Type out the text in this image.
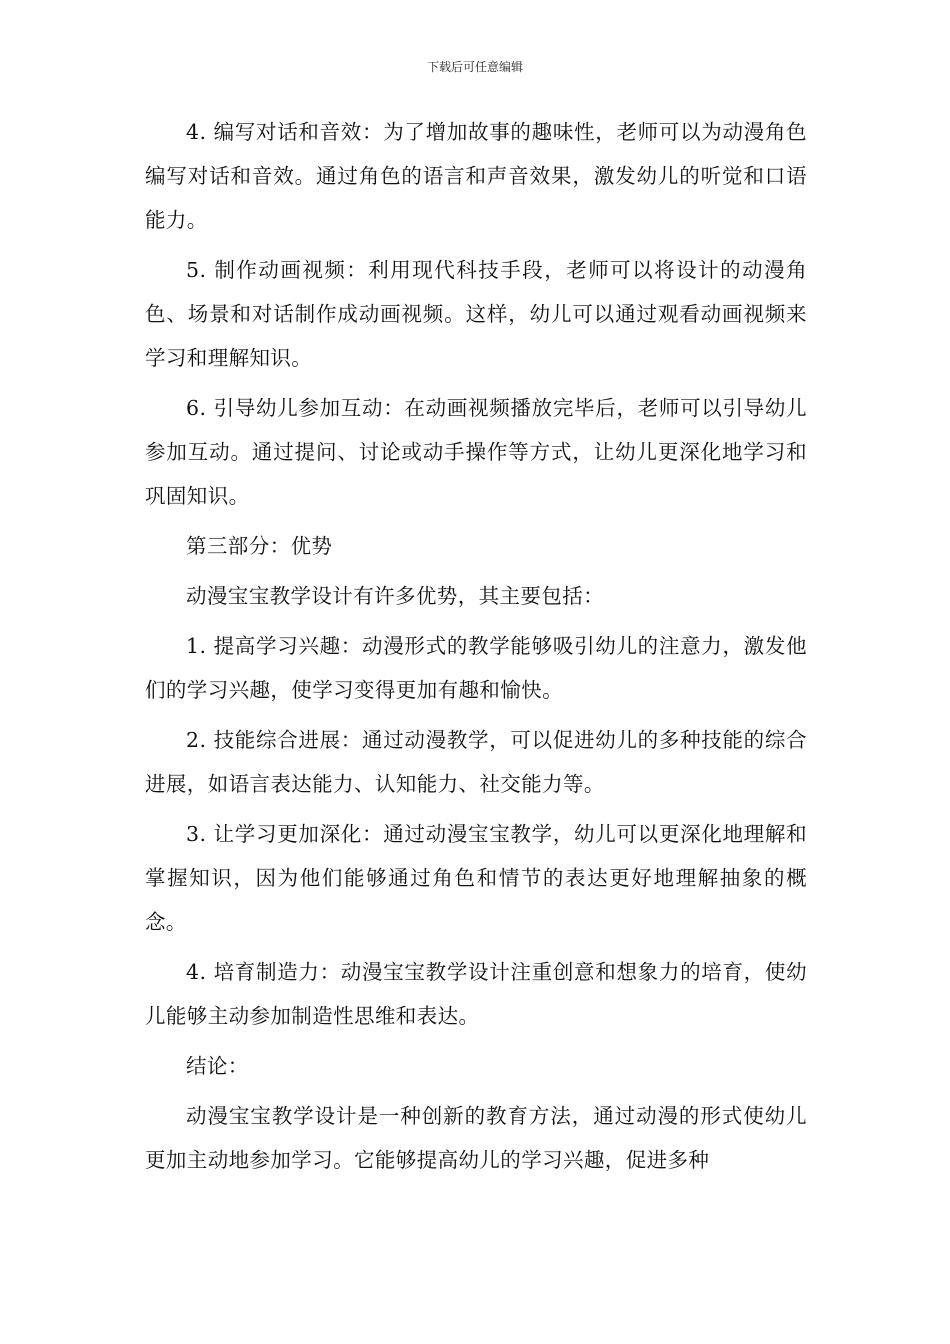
下载后可任意编辑

4. 编写对话和音效：为了增加故事的趣味性，老师可以为动漫角色编写对话和音效。通过角色的语言和声音效果，激发幼儿的听觉和口语能力。

5. 制作动画视频：利用现代科技手段，老师可以将设计的动漫角色、场景和对话制作成动画视频。这样，幼儿可以通过观看动画视频来学习和理解知识。

6. 引导幼儿参加互动：在动画视频播放完毕后，老师可以引导幼儿参加互动。通过提问、讨论或动手操作等方式，让幼儿更深化地学习和巩固知识。

第三部分：优势

动漫宝宝教学设计有许多优势，其主要包括：

1. 提高学习兴趣：动漫形式的教学能够吸引幼儿的注意力，激发他们的学习兴趣，使学习变得更加有趣和愉快。

2. 技能综合进展：通过动漫教学，可以促进幼儿的多种技能的综合进展，如语言表达能力、认知能力、社交能力等。

3. 让学习更加深化：通过动漫宝宝教学，幼儿可以更深化地理解和掌握知识，因为他们能够通过角色和情节的表达更好地理解抽象的概念。

4. 培育制造力：动漫宝宝教学设计注重创意和想象力的培育，使幼儿能够主动参加制造性思维和表达。

结论：

动漫宝宝教学设计是一种创新的教育方法，通过动漫的形式使幼儿更加主动地参加学习。它能够提高幼儿的学习兴趣，促进多种
